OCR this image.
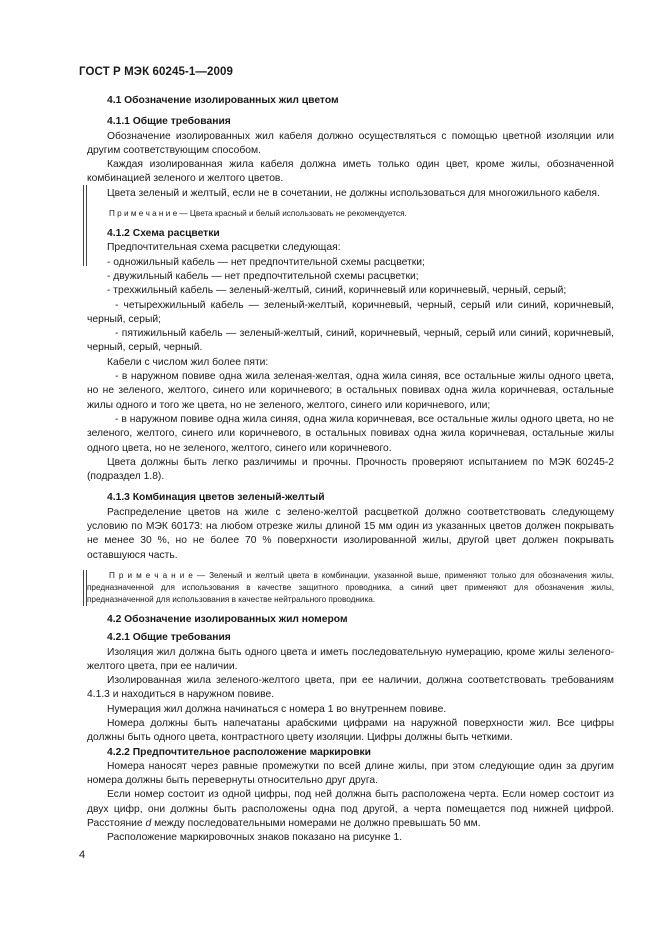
ГОСТ Р МЭК 60245-1—2009

4.1 Обозначение изолированных жил цветом

4.1.1 Общие требования

Обозначение изолированных жил кабеля должно осуществляться с помощью цветной изоляции или другим соответствующим способом.

Каждая изолированная жила кабеля должна иметь только один цвет, кроме жилы, обозначенной комбинацией зеленого и желтого цветов.

Цвета зеленый и желтый, если не в сочетании, не должны использоваться для многожильного кабеля.

П р и м е ч а н и е — Цвета красный и белый использовать не рекомендуется.

4.1.2 Схема расцветки

Предпочтительная схема расцветки следующая:

- одножильный кабель — нет предпочтительной схемы расцветки;

- двужильный кабель — нет предпочтительной схемы расцветки;

- трехжильный кабель — зеленый-желтый, синий, коричневый или коричневый, черный, серый;

- четырехжильный кабель — зеленый-желтый, коричневый, черный, серый или синий, коричневый, черный, серый;

- пятижильный кабель — зеленый-желтый, синий, коричневый, черный, серый или синий, коричневый, черный, серый, черный.

Кабели с числом жил более пяти:

- в наружном повиве одна жила зеленая-желтая, одна жила синяя, все остальные жилы одного цвета, но не зеленого, желтого, синего или коричневого; в остальных повивах одна жила коричневая, остальные жилы одного и того же цвета, но не зеленого, желтого, синего или коричневого, или;

- в наружном повиве одна жила синяя, одна жила коричневая, все остальные жилы одного цвета, но не зеленого, желтого, синего или коричневого, в остальных повивах одна жила коричневая, остальные жилы одного цвета, но не зеленого, желтого, синего или коричневого.

Цвета должны быть легко различимы и прочны. Прочность проверяют испытанием по МЭК 60245-2 (подраздел 1.8).

4.1.3 Комбинация цветов зеленый-желтый

Распределение цветов на жиле с зелено-желтой расцветкой должно соответствовать следующему условию по МЭК 60173: на любом отрезке жилы длиной 15 мм один из указанных цветов должен покрывать не менее 30 %, но не более 70 % поверхности изолированной жилы, другой цвет должен покрывать оставшуюся часть.

П р и м е ч а н и е — Зеленый и желтый цвета в комбинации, указанной выше, применяют только для обозначения жилы, предназначенной для использования в качестве защитного проводника, а синий цвет применяют для обозначения жилы, предназначенной для использования в качестве нейтрального проводника.

4.2 Обозначение изолированных жил номером

4.2.1 Общие требования

Изоляция жил должна быть одного цвета и иметь последовательную нумерацию, кроме жилы зеленого-желтого цвета, при ее наличии.

Изолированная жила зеленого-желтого цвета, при ее наличии, должна соответствовать требованиям 4.1.3 и находиться в наружном повиве.

Нумерация жил должна начинаться с номера 1 во внутреннем повиве.

Номера должны быть напечатаны арабскими цифрами на наружной поверхности жил. Все цифры должны быть одного цвета, контрастного цвету изоляции. Цифры должны быть четкими.

4.2.2 Предпочтительное расположение маркировки

Номера наносят через равные промежутки по всей длине жилы, при этом следующие один за другим номера должны быть перевернуты относительно друг друга.

Если номер состоит из одной цифры, под ней должна быть расположена черта. Если номер состоит из двух цифр, они должны быть расположены одна под другой, а черта помещается под нижней цифрой. Расстояние d между последовательными номерами не должно превышать 50 мм.

Расположение маркировочных знаков показано на рисунке 1.

4
